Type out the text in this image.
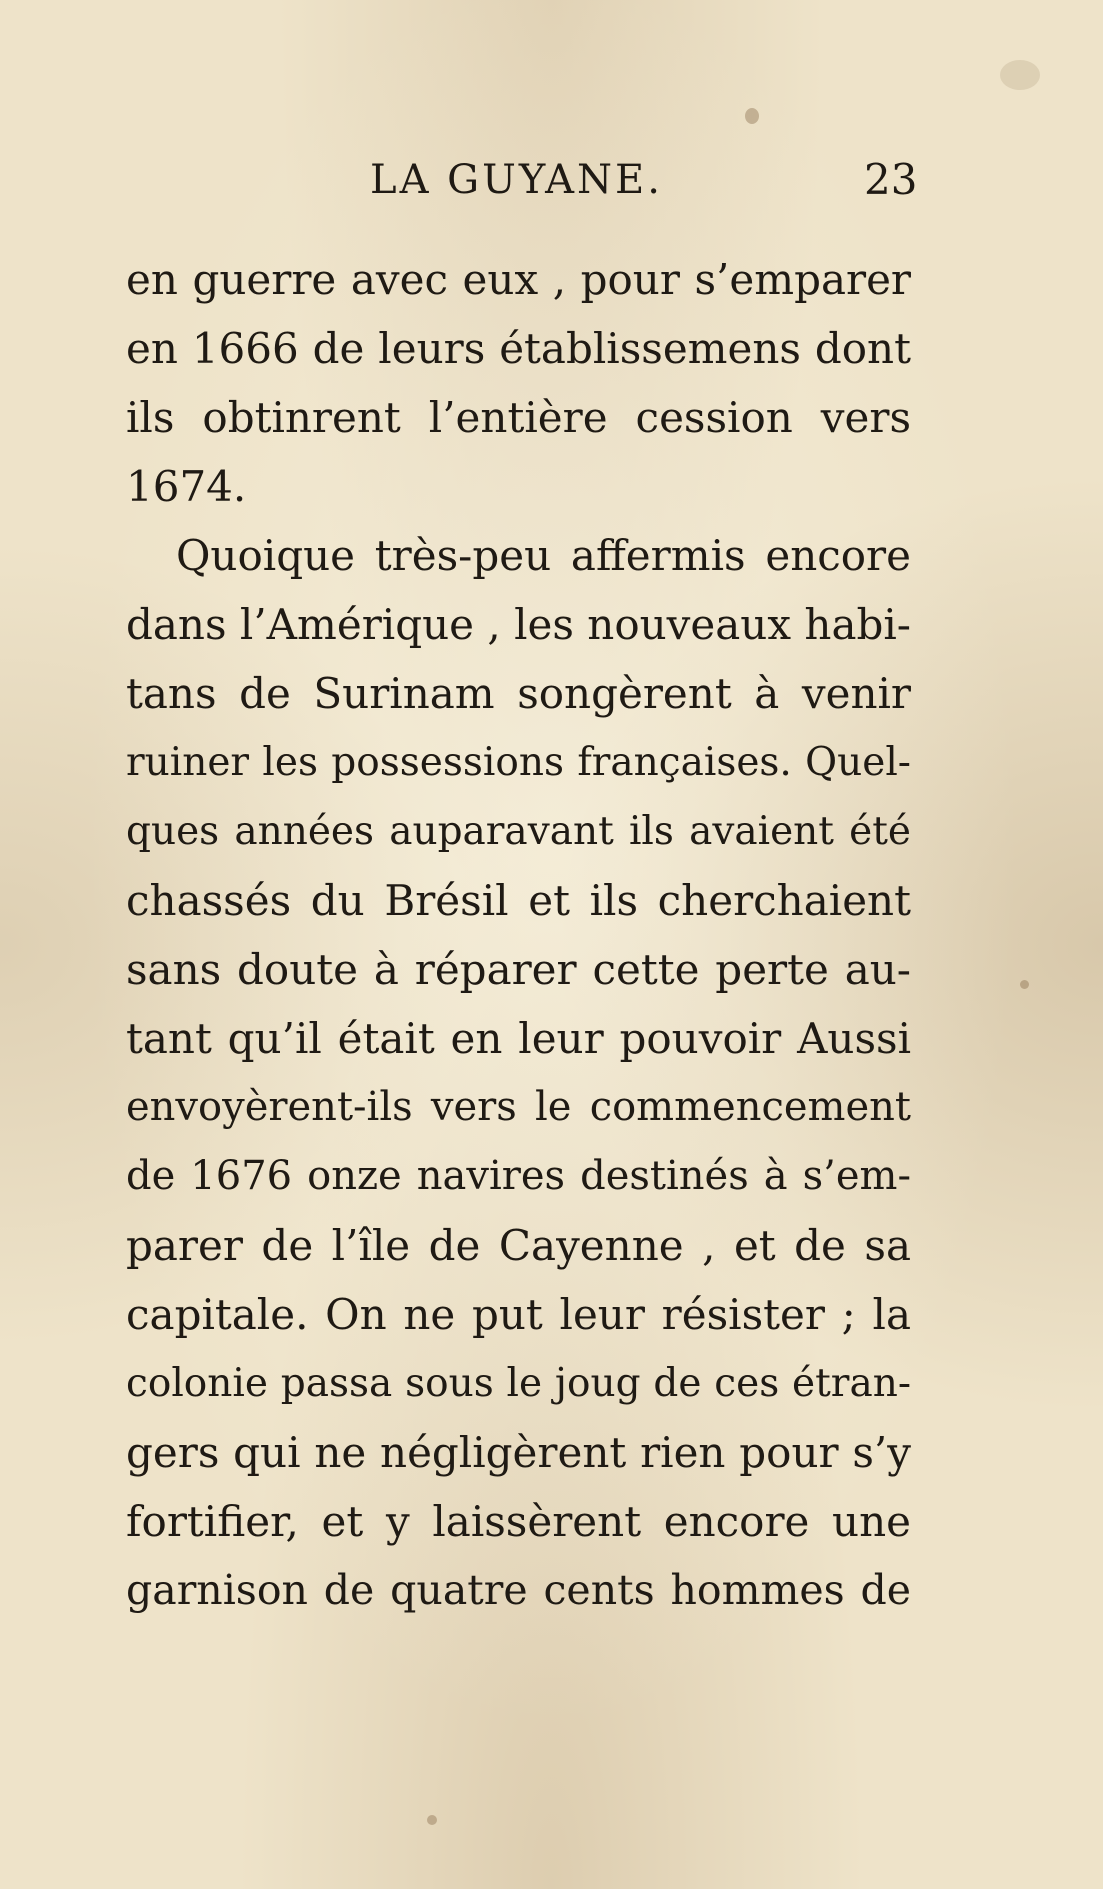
LA GUYANE.	23
en guerre avec eux , pour s’emparer
en 1666 de leurs établissemens dont
ils obtinrent l’entière cession vers
1674.
Quoique très-peu affermis encore
dans l’Amérique , les nouveaux habi-
tans de Surinam songèrent à venir
ruiner les possessions françaises. Quel-
ques années auparavant ils avaient été
chassés du Brésil et ils cherchaient
sans doute à réparer cette perte au-
tant qu’il était en leur pouvoir Aussi
envoyèrent-ils vers le commencement
de 1676 onze navires destinés à s’em-
parer de l’île de Cayenne , et de sa
capitale. On ne put leur résister ; la
colonie passa sous le joug de ces étran-
gers qui ne négligèrent rien pour s’y
fortifier, et y laissèrent encore une
garnison de quatre cents hommes de
